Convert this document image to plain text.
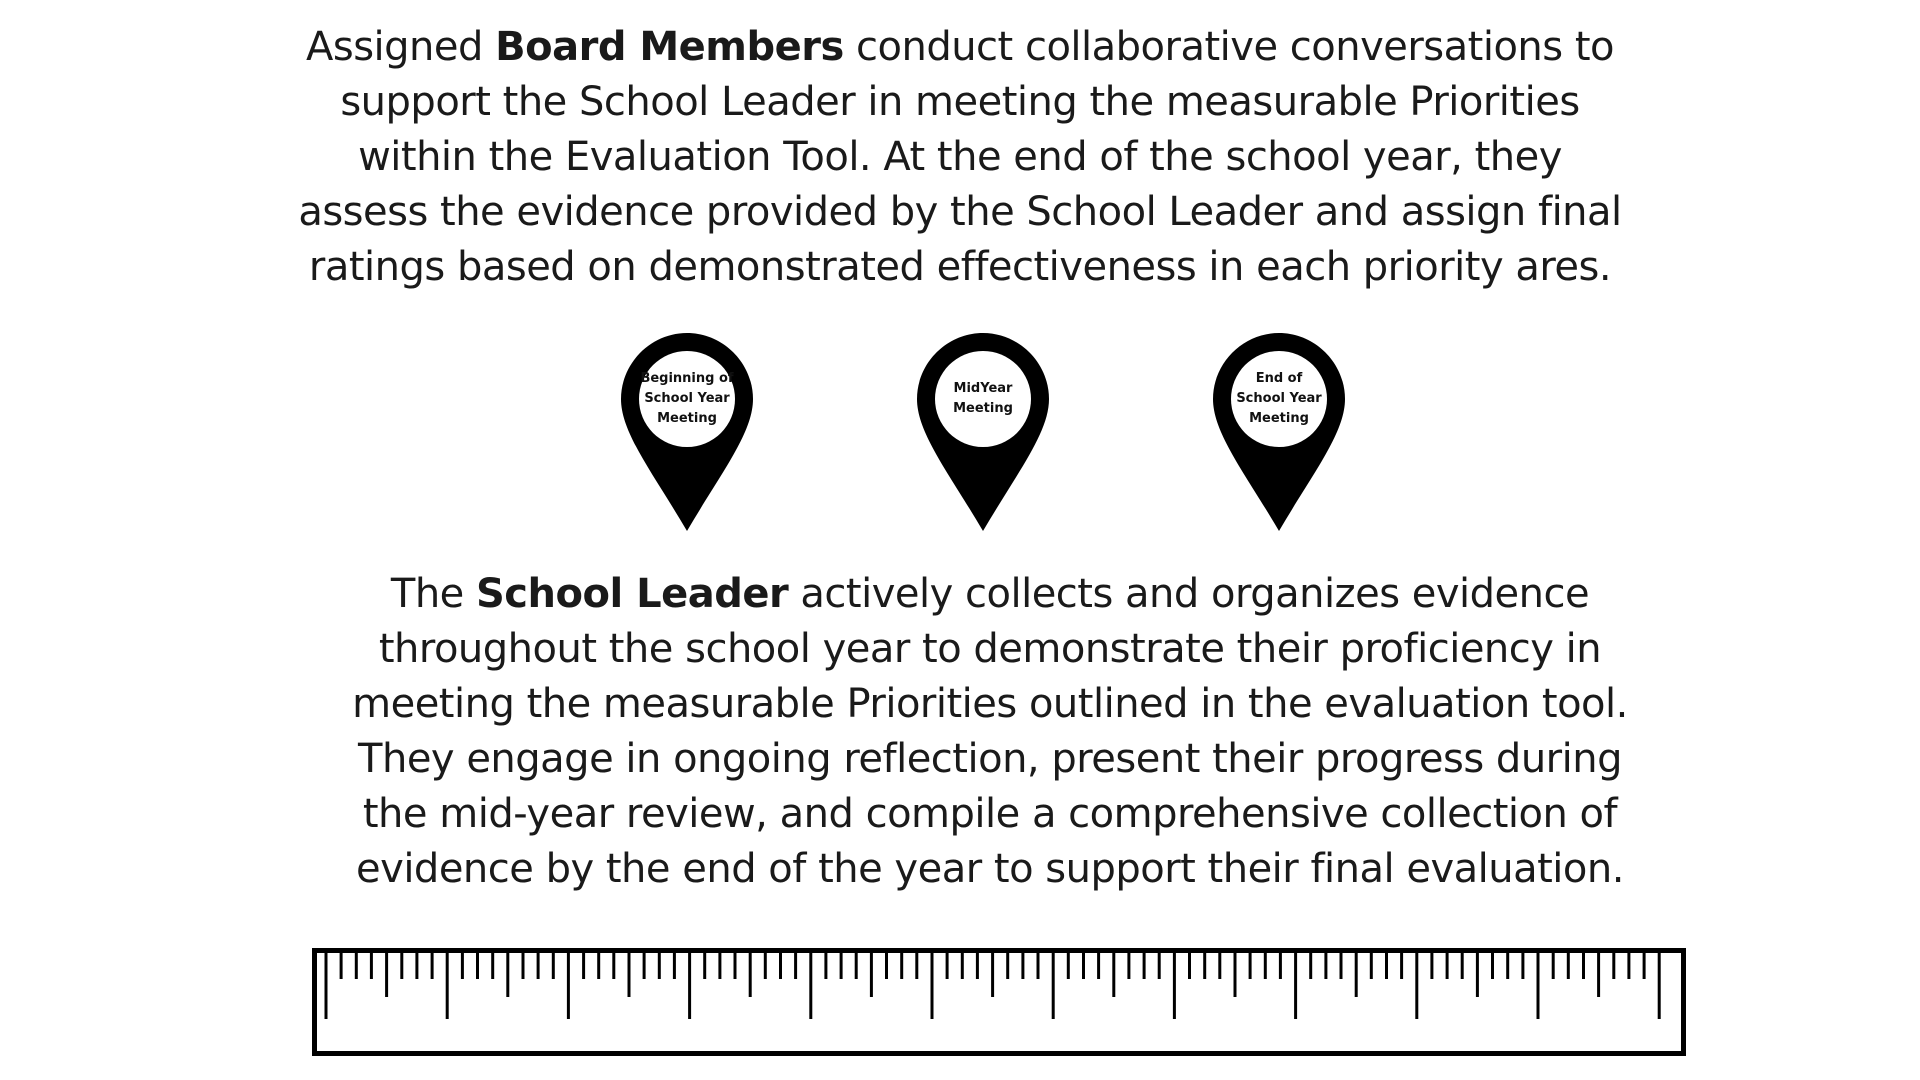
Assigned Board Members conduct collaborative conversations to
support the School Leader in meeting the measurable Priorities
within the Evaluation Tool. At the end of the school year, they
assess the evidence provided by the School Leader and assign final
ratings based on demonstrated effectiveness in each priority ares.
Beginning of
School Year
Meeting
MidYear
Meeting
End of
School Year
Meeting
The School Leader actively collects and organizes evidence
throughout the school year to demonstrate their proficiency in
meeting the measurable Priorities outlined in the evaluation tool.
They engage in ongoing reflection, present their progress during
the mid-year review, and compile a comprehensive collection of
evidence by the end of the year to support their final evaluation.
